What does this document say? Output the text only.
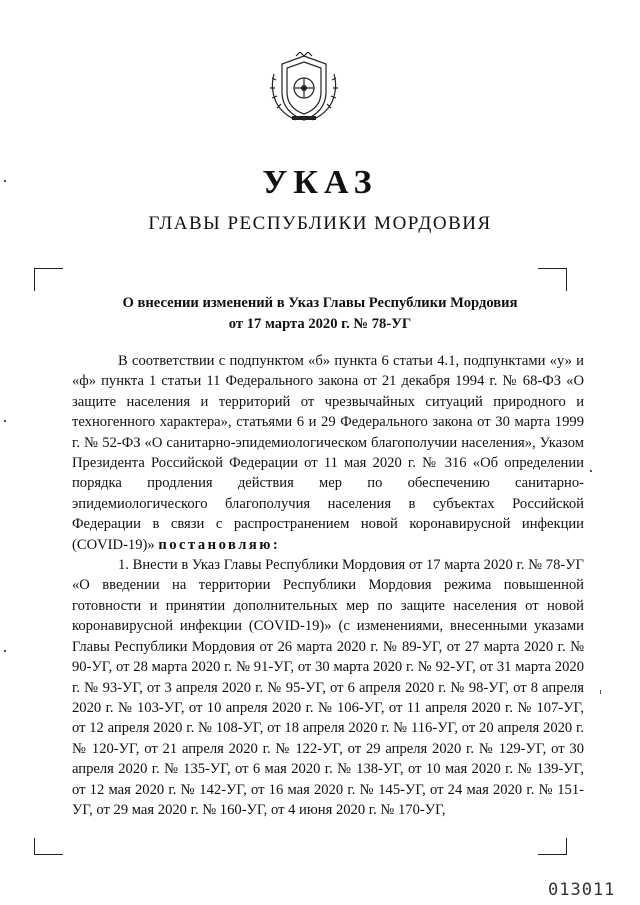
УКАЗ
ГЛАВЫ РЕСПУБЛИКИ МОРДОВИЯ
О внесении изменений в Указ Главы Республики Мордовия
от 17 марта 2020 г. № 78-УГ

В соответствии с подпунктом «б» пункта 6 статьи 4.1, подпунктами «у» и «ф» пункта 1 статьи 11 Федерального закона от 21 декабря 1994 г. № 68-ФЗ «О защите населения и территорий от чрезвычайных ситуаций природного и техногенного характера», статьями 6 и 29 Федерального закона от 30 марта 1999 г. № 52-ФЗ «О санитарно-эпидемиологическом благополучии населения», Указом Президента Российской Федерации от 11 мая 2020 г. № 316 «Об определении порядка продления действия мер по обеспечению санитарно-эпидемиологического благополучия населения в субъектах Российской Федерации в связи с распространением новой коронавирусной инфекции (COVID-19)» постановляю:

1. Внести в Указ Главы Республики Мордовия от 17 марта 2020 г. № 78-УГ «О введении на территории Республики Мордовия режима повышенной готовности и принятии дополнительных мер по защите населения от новой коронавирусной инфекции (COVID-19)» (с изменениями, внесенными указами Главы Республики Мордовия от 26 марта 2020 г. № 89-УГ, от 27 марта 2020 г. № 90-УГ, от 28 марта 2020 г. № 91-УГ, от 30 марта 2020 г. № 92-УГ, от 31 марта 2020 г. № 93-УГ, от 3 апреля 2020 г. № 95-УГ, от 6 апреля 2020 г. № 98-УГ, от 8 апреля 2020 г. № 103-УГ, от 10 апреля 2020 г. № 106-УГ, от 11 апреля 2020 г. № 107-УГ, от 12 апреля 2020 г. № 108-УГ, от 18 апреля 2020 г. № 116-УГ, от 20 апреля 2020 г. № 120-УГ, от 21 апреля 2020 г. № 122-УГ, от 29 апреля 2020 г. № 129-УГ, от 30 апреля 2020 г. № 135-УГ, от 6 мая 2020 г. № 138-УГ, от 10 мая 2020 г. № 139-УГ, от 12 мая 2020 г. № 142-УГ, от 16 мая 2020 г. № 145-УГ, от 24 мая 2020 г. № 151-УГ, от 29 мая 2020 г. № 160-УГ, от 4 июня 2020 г. № 170-УГ,

013011
